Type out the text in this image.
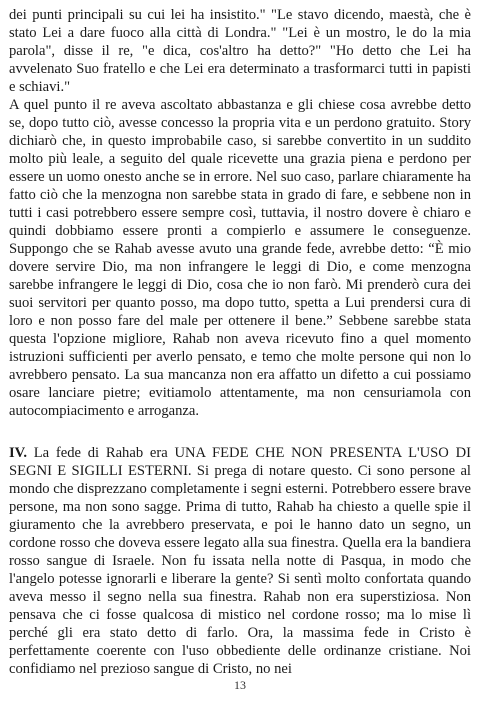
dei punti principali su cui lei ha insistito." "Le stavo dicendo, maestà, che è stato Lei a dare fuoco alla città di Londra." "Lei è un mostro, le do la mia parola", disse il re, "e dica, cos'altro ha detto?" "Ho detto che Lei ha avvelenato Suo fratello e che Lei era determinato a trasformarci tutti in papisti e schiavi."

A quel punto il re aveva ascoltato abbastanza e gli chiese cosa avrebbe detto se, dopo tutto ciò, avesse concesso la propria vita e un perdono gratuito. Story dichiarò che, in questo improbabile caso, si sarebbe convertito in un suddito molto più leale, a seguito del quale ricevette una grazia piena e perdono per essere un uomo onesto anche se in errore. Nel suo caso, parlare chiaramente ha fatto ciò che la menzogna non sarebbe stata in grado di fare, e sebbene non in tutti i casi potrebbero essere sempre così, tuttavia, il nostro dovere è chiaro e quindi dobbiamo essere pronti a compierlo e assumere le conseguenze. Suppongo che se Rahab avesse avuto una grande fede, avrebbe detto: “È mio dovere servire Dio, ma non infrangere le leggi di Dio, e come menzogna sarebbe infrangere le leggi di Dio, cosa che io non farò. Mi prenderò cura dei suoi servitori per quanto posso, ma dopo tutto, spetta a Lui prendersi cura di loro e non posso fare del male per ottenere il bene.” Sebbene sarebbe stata questa l'opzione migliore, Rahab non aveva ricevuto fino a quel momento istruzioni sufficienti per averlo pensato, e temo che molte persone qui non lo avrebbero pensato. La sua mancanza non era affatto un difetto a cui possiamo osare lanciare pietre; evitiamolo attentamente, ma non censuriamola con autocompiacimento e arroganza.

IV. La fede di Rahab era UNA FEDE CHE NON PRESENTA L'USO DI SEGNI E SIGILLI ESTERNI. Si prega di notare questo. Ci sono persone al mondo che disprezzano completamente i segni esterni. Potrebbero essere brave persone, ma non sono sagge. Prima di tutto, Rahab ha chiesto a quelle spie il giuramento che la avrebbero preservata, e poi le hanno dato un segno, un cordone rosso che doveva essere legato alla sua finestra. Quella era la bandiera rosso sangue di Israele. Non fu issata nella notte di Pasqua, in modo che l'angelo potesse ignorarli e liberare la gente? Si sentì molto confortata quando aveva messo il segno nella sua finestra. Rahab non era superstiziosa. Non pensava che ci fosse qualcosa di mistico nel cordone rosso; ma lo mise lì perché gli era stato detto di farlo. Ora, la massima fede in Cristo è perfettamente coerente con l'uso obbediente delle ordinanze cristiane. Noi confidiamo nel prezioso sangue di Cristo, no nei

13
